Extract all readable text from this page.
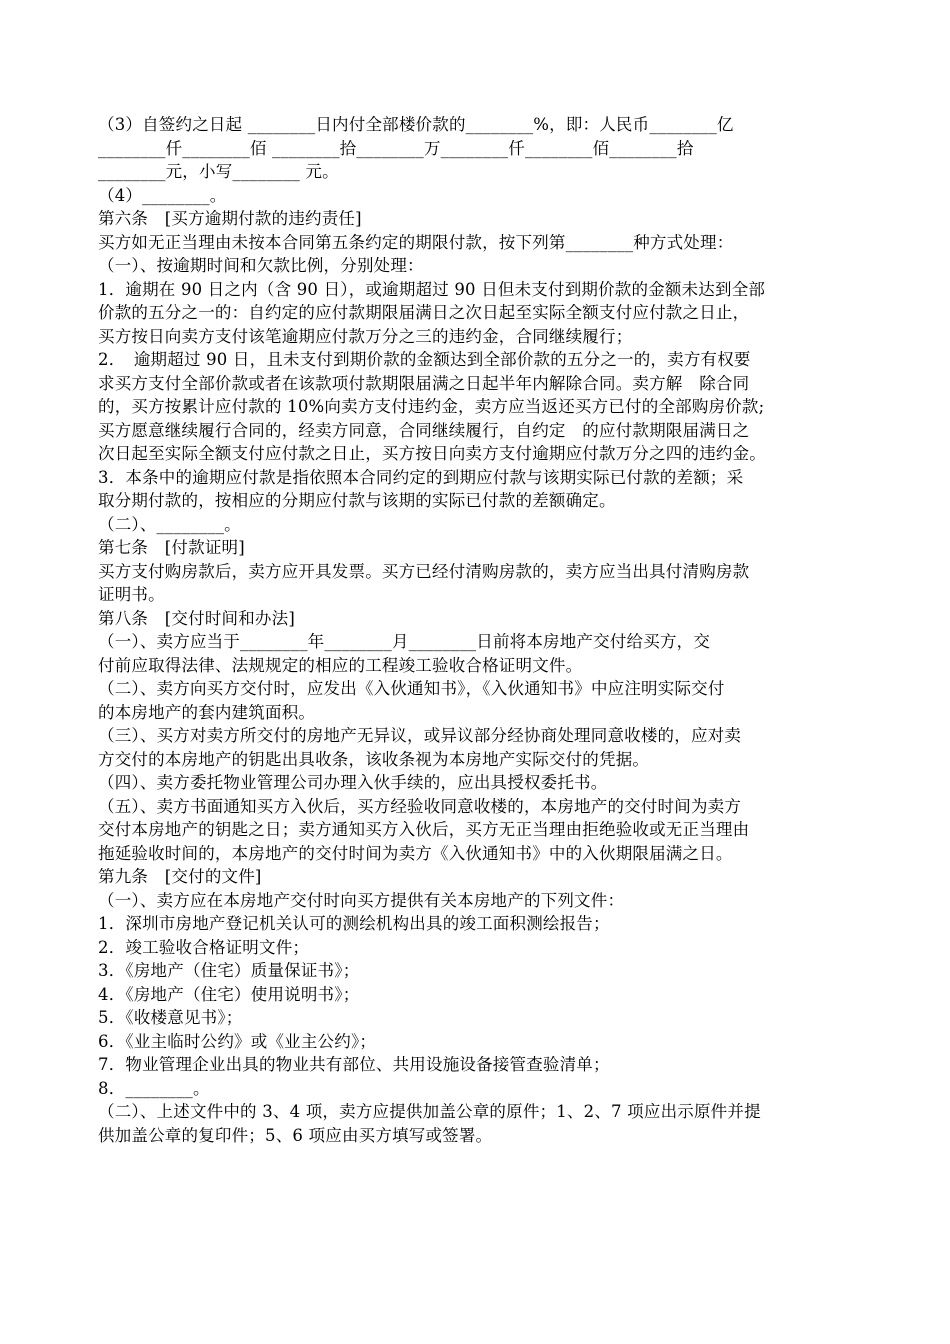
（3）自签约之日起 ________日内付全部楼价款的________%，即：人民币________亿
________仟________佰 ________拾________万________仟________佰________拾
________元，小写________ 元。
（4）________。
第六条　[买方逾期付款的违约责任]
买方如无正当理由未按本合同第五条约定的期限付款，按下列第________种方式处理：
（一）、按逾期时间和欠款比例，分别处理：
1．逾期在 90 日之内（含 90 日），或逾期超过 90 日但未支付到期价款的金额未达到全部
价款的五分之一的：自约定的应付款期限届满日之次日起至实际全额支付应付款之日止，
买方按日向卖方支付该笔逾期应付款万分之三的违约金，合同继续履行；
2．　逾期超过 90 日，且未支付到期价款的金额达到全部价款的五分之一的，卖方有权要
求买方支付全部价款或者在该款项付款期限届满之日起半年内解除合同。卖方解　除合同
的，买方按累计应付款的 10%向卖方支付违约金，卖方应当返还买方已付的全部购房价款;
买方愿意继续履行合同的，经卖方同意，合同继续履行，自约定　的应付款期限届满日之
次日起至实际全额支付应付款之日止，买方按日向卖方支付逾期应付款万分之四的违约金。
3．本条中的逾期应付款是指依照本合同约定的到期应付款与该期实际已付款的差额；采
取分期付款的，按相应的分期应付款与该期的实际已付款的差额确定。
（二）、________。
第七条　[付款证明]
买方支付购房款后，卖方应开具发票。买方已经付清购房款的，卖方应当出具付清购房款
证明书。
第八条　[交付时间和办法]
（一）、卖方应当于________年________月________日前将本房地产交付给买方，交
付前应取得法律、法规规定的相应的工程竣工验收合格证明文件。
（二）、卖方向买方交付时，应发出《入伙通知书》，《入伙通知书》中应注明实际交付
的本房地产的套内建筑面积。
（三）、买方对卖方所交付的房地产无异议，或异议部分经协商处理同意收楼的，应对卖
方交付的本房地产的钥匙出具收条，该收条视为本房地产实际交付的凭据。
（四）、卖方委托物业管理公司办理入伙手续的，应出具授权委托书。
（五）、卖方书面通知买方入伙后，买方经验收同意收楼的，本房地产的交付时间为卖方
交付本房地产的钥匙之日；卖方通知买方入伙后，买方无正当理由拒绝验收或无正当理由
拖延验收时间的，本房地产的交付时间为卖方《入伙通知书》中的入伙期限届满之日。
第九条　[交付的文件]
（一）、卖方应在本房地产交付时向买方提供有关本房地产的下列文件：
1．深圳市房地产登记机关认可的测绘机构出具的竣工面积测绘报告；
2．竣工验收合格证明文件；
3．《房地产（住宅）质量保证书》；
4．《房地产（住宅）使用说明书》；
5．《收楼意见书》；
6．《业主临时公约》或《业主公约》；
7．物业管理企业出具的物业共有部位、共用设施设备接管查验清单；
8．________。
（二）、上述文件中的 3、4 项，卖方应提供加盖公章的原件；1、2、7 项应出示原件并提
供加盖公章的复印件；5、6 项应由买方填写或签署。
